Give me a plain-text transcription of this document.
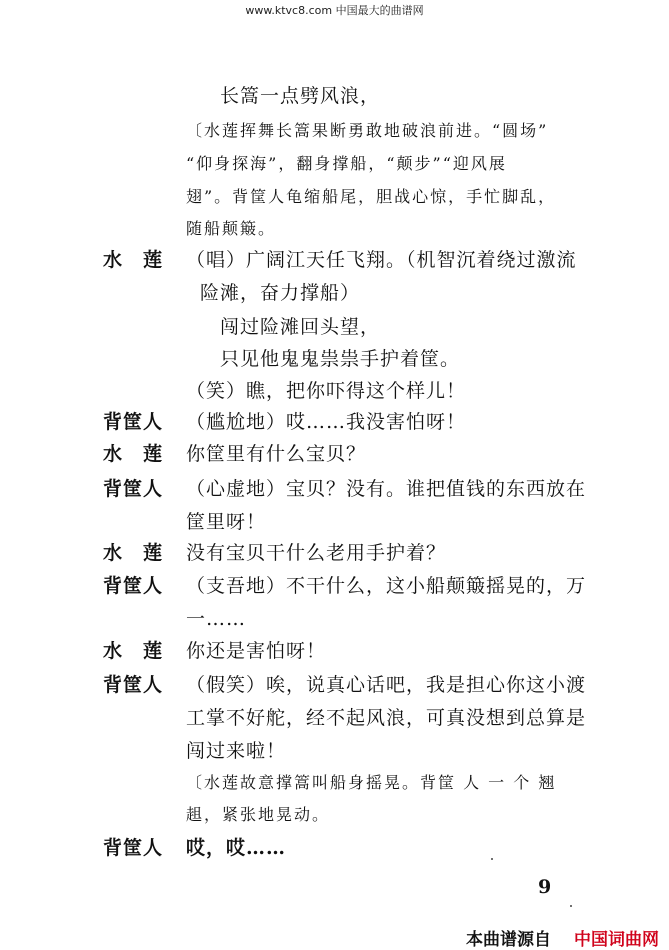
www.ktvc8.com 中国最大的曲谱网
长篙一点劈风浪，
〔水莲挥舞长篙果断勇敢地破浪前进。“圆场”
“仰身探海”，翻身撑船，“颠步”“迎风展
翅”。背筐人龟缩船尾，胆战心惊，手忙脚乱，
随船颠簸。
水　莲 （唱）广阔江天任飞翔。（机智沉着绕过激流
险滩，奋力撑船）
闯过险滩回头望，
只见他鬼鬼祟祟手护着筐。
（笑）瞧，把你吓得这个样儿！
背筐人 （尴尬地）哎……我没害怕呀！
水　莲 你筐里有什么宝贝？
背筐人 （心虚地）宝贝？没有。谁把值钱的东西放在
筐里呀！
水　莲 没有宝贝干什么老用手护着？
背筐人 （支吾地）不干什么，这小船颠簸摇晃的，万
一……
水　莲 你还是害怕呀！
背筐人 （假笑）唉，说真心话吧，我是担心你这小渡
工掌不好舵，经不起风浪，可真没想到总算是
闯过来啦！
〔水莲故意撑篙叫船身摇晃。背筐 人 一 个 翘
趄，紧张地晃动。
背筐人 哎，哎……
9
本曲谱源自 中国词曲网
